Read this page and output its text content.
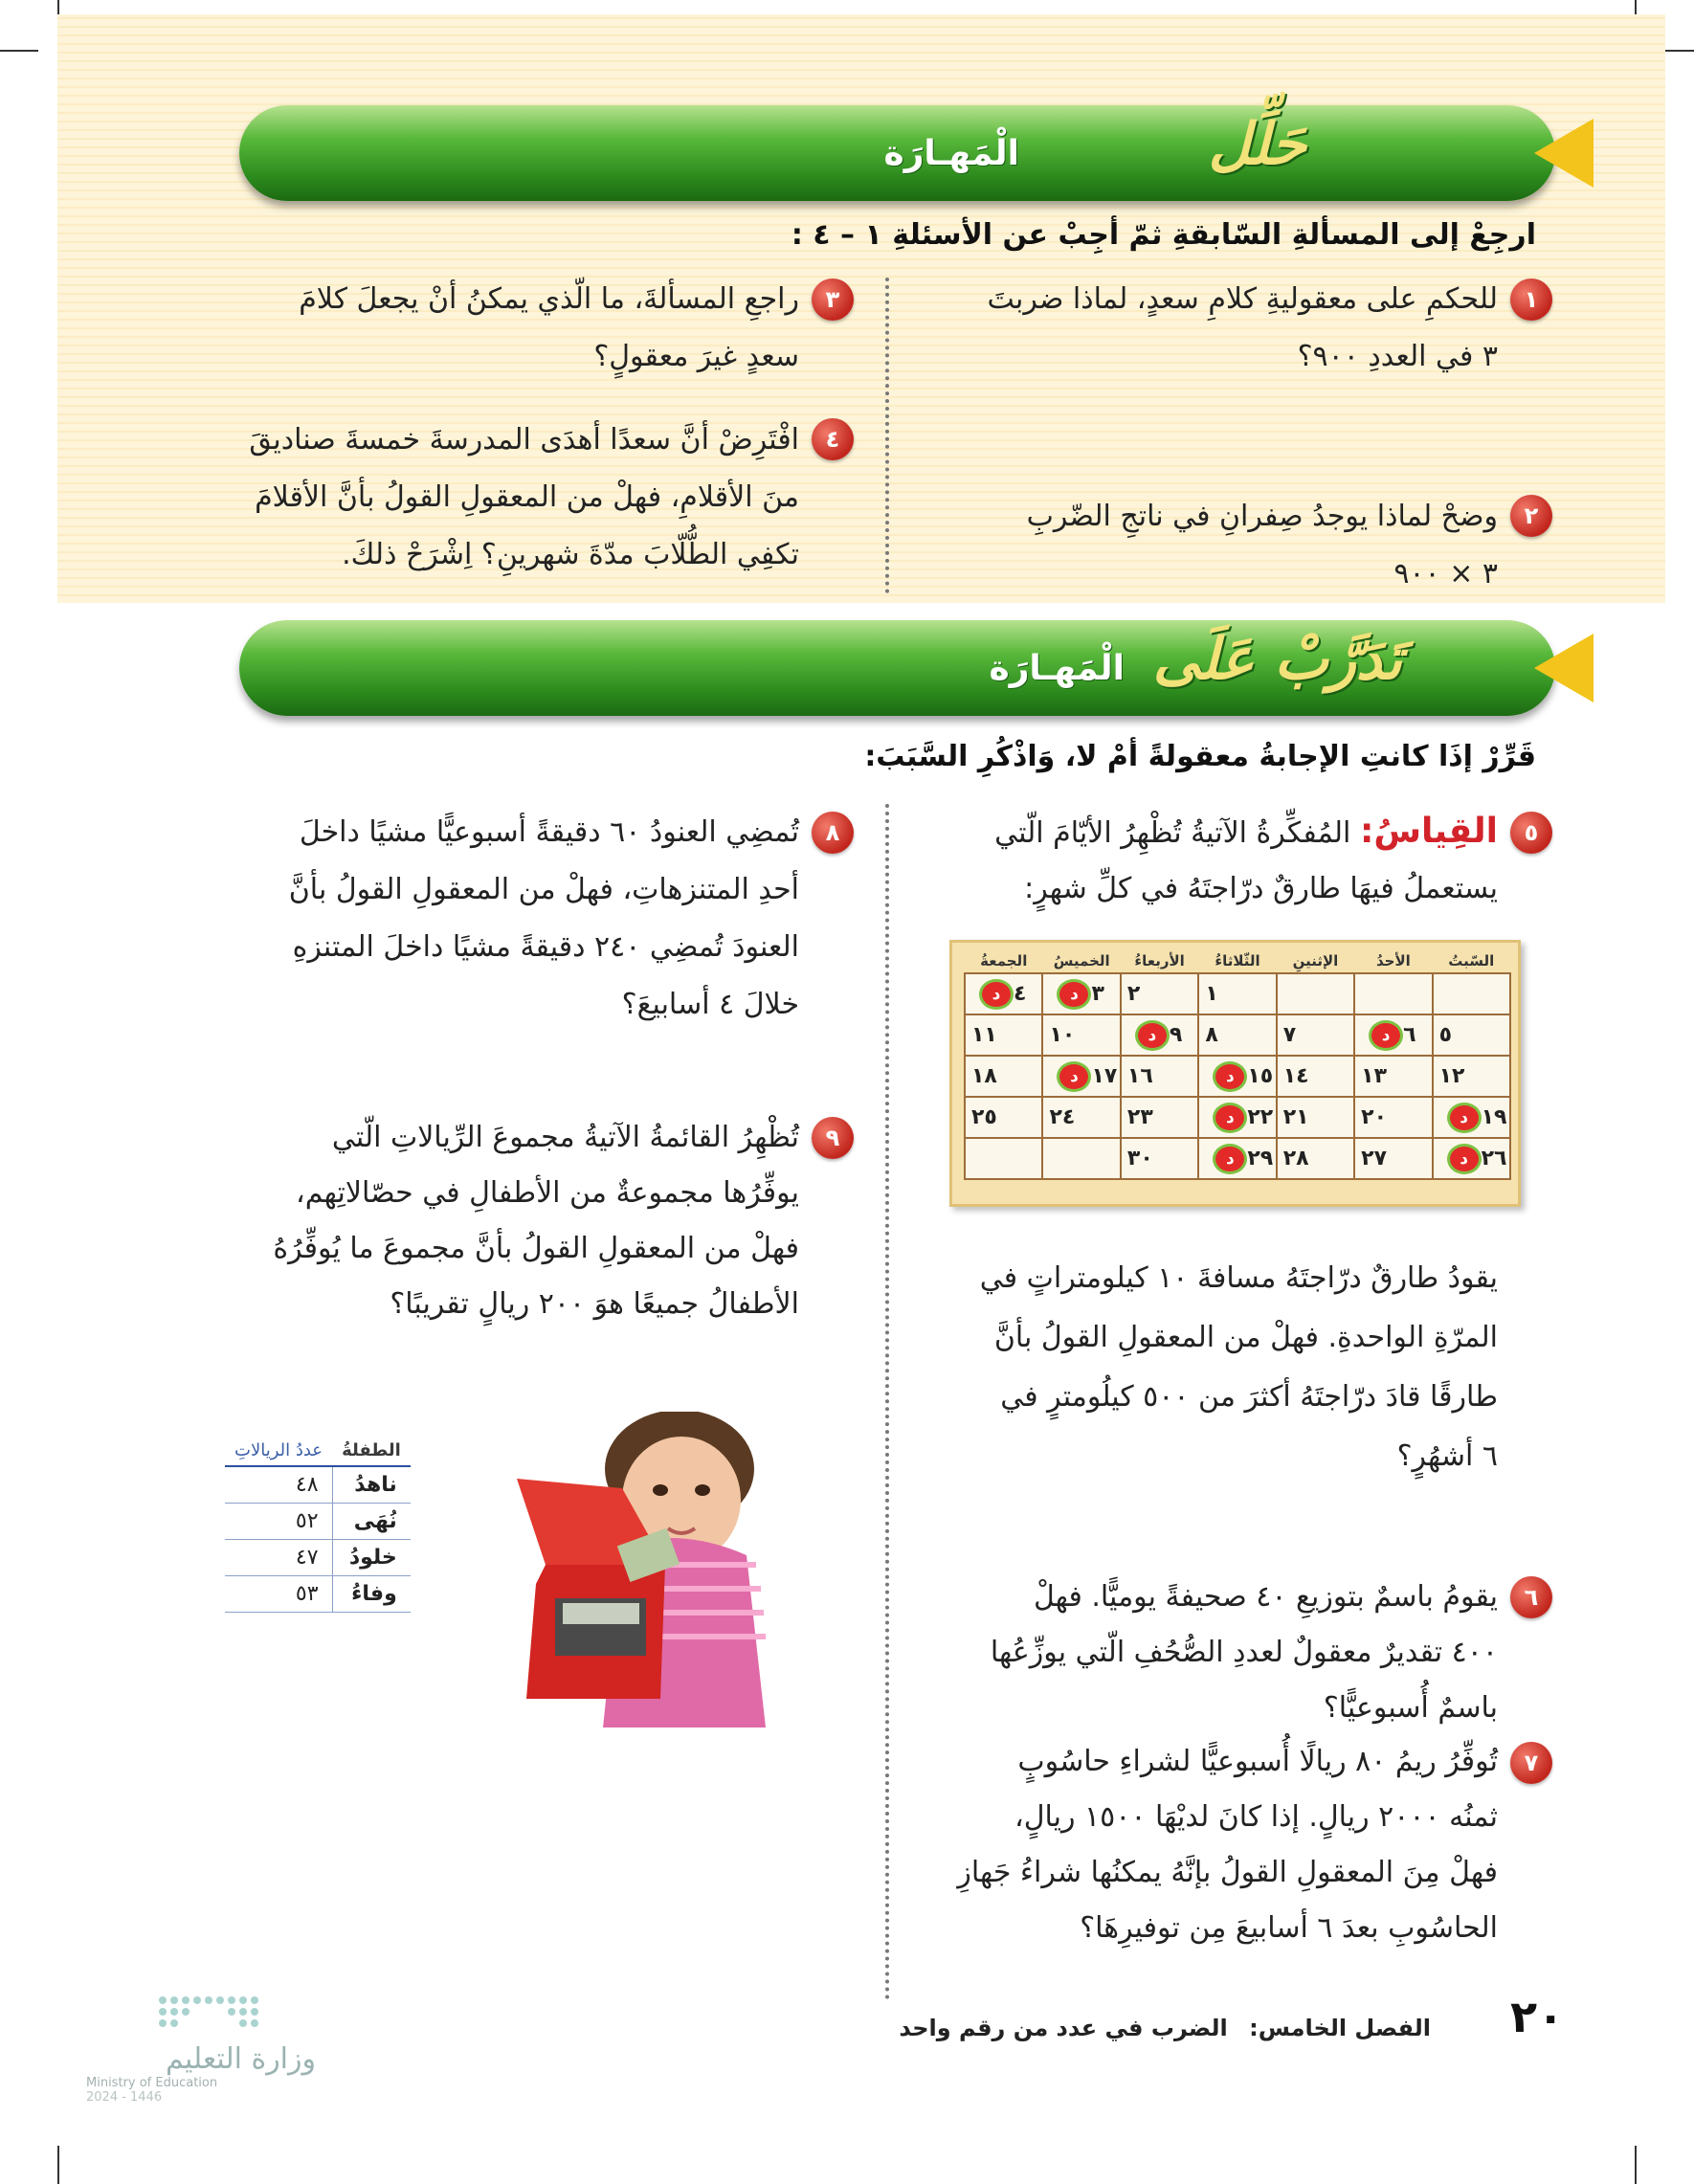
حَلِّل
الْمَهـارَة
ارجِعْ إلى المسألةِ السّابقةِ ثمّ أجِبْ عن الأسئلةِ ١ – ٤ :
١
للحكمِ على معقوليةِ كلامِ سعدٍ، لماذا ضربتَ
٣ في العددِ ٩٠٠؟
٢
وضحْ لماذا يوجدُ صِفرانِ في ناتجِ الضّربِ
٣ × ٩٠٠
٣
راجعِ المسألةَ، ما الّذي يمكنُ أنْ يجعلَ كلامَ
سعدٍ غيرَ معقولٍ؟
٤
افْتَرِضْ أنَّ سعدًا أهدَى المدرسةَ خمسةَ صناديقَ
منَ الأقلامِ، فهلْ من المعقولِ القولُ بأنَّ الأقلامَ
تكفِي الطُّلّابَ مدّةَ شهرينِ؟ اِشْرَحْ ذلكَ.
تَدَرَّبْ عَلَى
الْمَهـارَة
قَرِّرْ إذَا كانتِ الإجابةُ معقولةً أمْ لا، وَاذْكُرِ السَّبَبَ:
٥
القِياسُ: المُفكِّرةُ الآتيةُ تُظْهِرُ الأيّامَ الّتي
يستعملُ فيهَا طارقٌ درّاجتَهُ في كلِّ شهرٍ:
السّبتُ	الأحدُ	الإثنينِ	الثّلاثاءُ	الأربعاءُ	الخميسُ	الجمعةُ
			١	٢	٣د	٤د
٥	٦د	٧	٨	٩د	١٠	١١
١٢	١٣	١٤	١٥د	١٦	١٧د	١٨
١٩د	٢٠	٢١	٢٢د	٢٣	٢٤	٢٥
٢٦د	٢٧	٢٨	٢٩د	٣٠		
يقودُ طارقٌ درّاجتَهُ مسافةَ ١٠ كيلومتراتٍ في
المرّةِ الواحدةِ. فهلْ من المعقولِ القولُ بأنَّ
طارقًا قادَ درّاجتَهُ أكثرَ من ٥٠٠ كيلُومترٍ في
٦ أشهُرٍ؟
٦
يقومُ باسمٌ بتوزيعِ ٤٠ صحيفةً يوميًّا. فهلْ
٤٠٠ تقديرٌ معقولٌ لعددِ الصُّحُفِ الّتي يوزِّعُها
باسمٌ أُسبوعيًّا؟
٧
تُوفِّرُ ريمُ ٨٠ ريالًا أُسبوعيًّا لشراءِ حاسُوبٍ
ثمنُه ٢٠٠٠ ريالٍ. إذا كانَ لديْهَا ١٥٠٠ ريالٍ،
فهلْ مِنَ المعقولِ القولُ بإنَّهُ يمكنُها شراءُ جَهازِ
الحاسُوبِ بعدَ ٦ أسابيعَ مِن توفيرِهَا؟
٨
تُمضِي العنودُ ٦٠ دقيقةً أسبوعيًّا مشيًا داخلَ
أحدِ المتنزهاتِ، فهلْ من المعقولِ القولُ بأنَّ
العنودَ تُمضِي ٢٤٠ دقيقةً مشيًا داخلَ المتنزهِ
خلالَ ٤ أسابيعَ؟
٩
تُظْهِرُ القائمةُ الآتيةُ مجموعَ الرِّيالاتِ الّتي
يوفِّرُها مجموعةٌ من الأطفالِ في حصّالاتِهم،
فهلْ من المعقولِ القولُ بأنَّ مجموعَ ما يُوفِّرُهُ
الأطفالُ جميعًا هوَ ٢٠٠ ريالٍ تقريبًا؟
الطفلةُ	عددُ الريالاتِ
ناهدُ	٤٨
نُهَى	٥٢
خلودُ	٤٧
وفاءُ	٥٣
وزارة التعليم
Ministry of Education
2024 - 1446
٢٠
الفصل الخامس: الضرب في عدد من رقم واحد
